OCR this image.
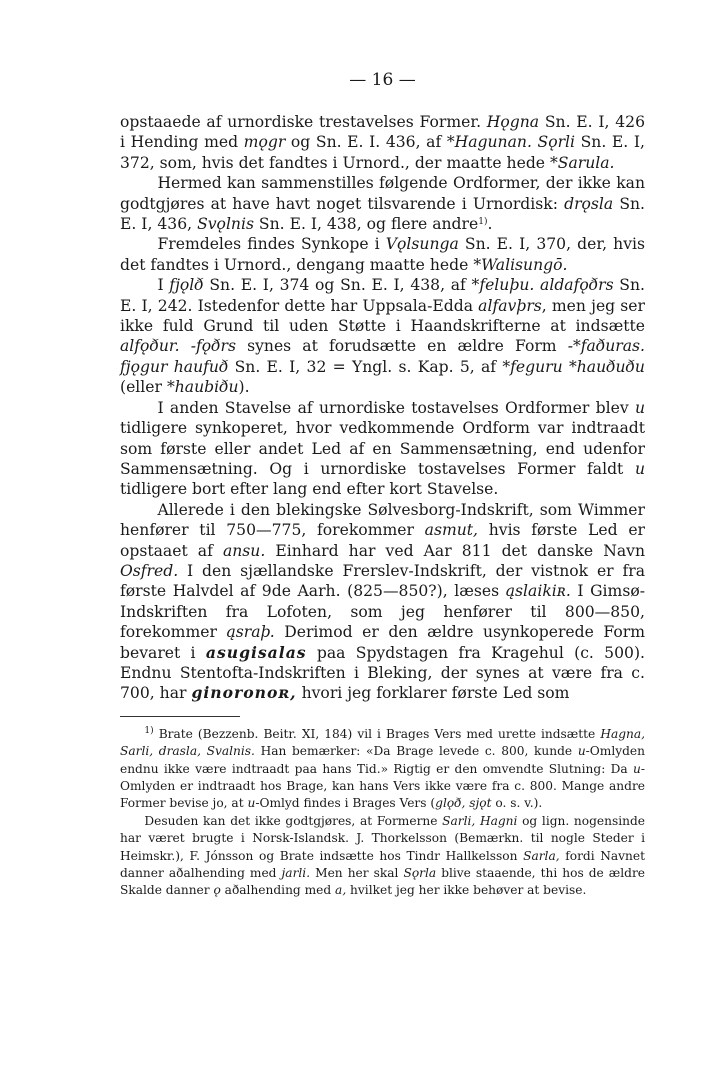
— 16 —

opstaaede af urnordiske trestavelses Former. Hǫgna Sn. E. I, 426 i Hending med mǫgr og Sn. E. I. 436, af *Hagunan. Sǫrli Sn. E. I, 372, som, hvis det fandtes i Urnord., der maatte hede *Sarula.

Hermed kan sammenstilles følgende Ordformer, der ikke kan godtgjøres at have havt noget tilsvarende i Urnordisk: drǫsla Sn. E. I, 436, Svǫlnis Sn. E. I, 438, og flere andre$^{1)}$.

Fremdeles findes Synkope i Vǫlsunga Sn. E. I, 370, der, hvis det fandtes i Urnord., dengang maatte hede *Walisungō.

I fjǫlð Sn. E. I, 374 og Sn. E. I, 438, af *feluþu. aldafǫðrs Sn. E. I, 242. Istedenfor dette har Uppsala-Edda alfavþrs, men jeg ser ikke fuld Grund til uden Støtte i Haandskrifterne at indsætte alfǫður. -fǫðrs synes at forudsætte en ældre Form -*faðuras. fjǫgur haufuð Sn. E. I, 32 = Yngl. s. Kap. 5, af *feguru *hauðuðu (eller *haubiðu).

I anden Stavelse af urnordiske tostavelses Ordformer blev u tidligere synkoperet, hvor vedkommende Ordform var indtraadt som første eller andet Led af en Sammensætning, end udenfor Sammensætning. Og i urnordiske tostavelses Former faldt u tidligere bort efter lang end efter kort Stavelse.

Allerede i den blekingske Sølvesborg-Indskrift, som Wimmer henfører til 750—775, forekommer asmut, hvis første Led er opstaaet af ansu. Einhard har ved Aar 811 det danske Navn Osfred. I den sjællandske Frerslev-Indskrift, der vistnok er fra første Halvdel af 9de Aarh. (825—850?), læses ąslaikiʀ. I Gimsø-Indskriften fra Lofoten, som jeg henfører til 800—850, forekommer ąsraþ. Derimod er den ældre usynkoperede Form bevaret i asugisalas paa Spydstagen fra Kragehul (c. 500). Endnu Stentofta-Indskriften i Bleking, der synes at være fra c. 700, har ginoronoʀ, hvori jeg forklarer første Led som

$^{1)}$ Brate (Bezzenb. Beitr. XI, 184) vil i Brages Vers med urette indsætte Hagna, Sarli, drasla, Svalnis. Han bemærker: «Da Brage levede c. 800, kunde u-Omlyden endnu ikke være indtraadt paa hans Tid.» Rigtig er den omvendte Slutning: Da u-Omlyden er indtraadt hos Brage, kan hans Vers ikke være fra c. 800. Mange andre Former bevise jo, at u-Omlyd findes i Brages Vers (glǫð, sjǫt o. s. v.).

Desuden kan det ikke godtgjøres, at Formerne Sarli, Hagni og lign. nogensinde har været brugte i Norsk-Islandsk. J. Thorkelsson (Bemærkn. til nogle Steder i Heimskr.), F. Jónsson og Brate indsætte hos Tindr Hallkelsson Sarla, fordi Navnet danner aðalhending med jarli. Men her skal Sǫrla blive staaende, thi hos de ældre Skalde danner ǫ aðalhending med a, hvilket jeg her ikke behøver at bevise.
